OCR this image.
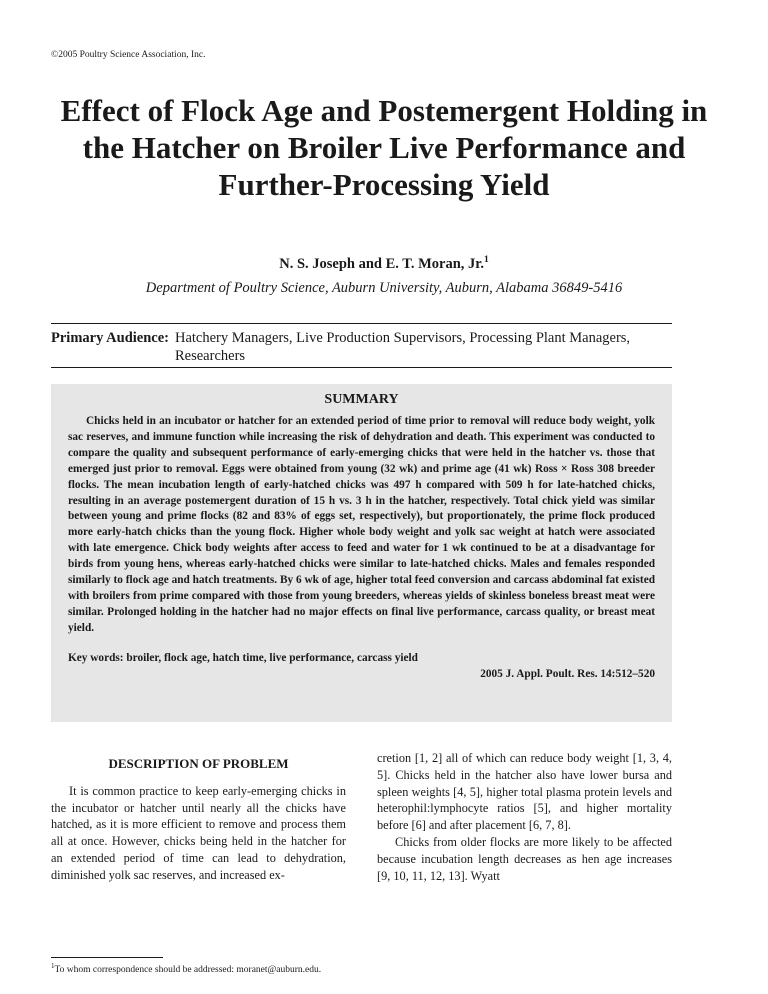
©2005 Poultry Science Association, Inc.
Effect of Flock Age and Postemergent Holding in the Hatcher on Broiler Live Performance and Further-Processing Yield
N. S. Joseph and E. T. Moran, Jr.$^1$
Department of Poultry Science, Auburn University, Auburn, Alabama 36849-5416
Primary Audience: Hatchery Managers, Live Production Supervisors, Processing Plant Managers, Researchers
SUMMARY

Chicks held in an incubator or hatcher for an extended period of time prior to removal will reduce body weight, yolk sac reserves, and immune function while increasing the risk of dehydration and death. This experiment was conducted to compare the quality and subsequent performance of early-emerging chicks that were held in the hatcher vs. those that emerged just prior to removal. Eggs were obtained from young (32 wk) and prime age (41 wk) Ross × Ross 308 breeder flocks. The mean incubation length of early-hatched chicks was 497 h compared with 509 h for late-hatched chicks, resulting in an average postemergent duration of 15 h vs. 3 h in the hatcher, respectively. Total chick yield was similar between young and prime flocks (82 and 83% of eggs set, respectively), but proportionately, the prime flock produced more early-hatch chicks than the young flock. Higher whole body weight and yolk sac weight at hatch were associated with late emergence. Chick body weights after access to feed and water for 1 wk continued to be at a disadvantage for birds from young hens, whereas early-hatched chicks were similar to late-hatched chicks. Males and females responded similarly to flock age and hatch treatments. By 6 wk of age, higher total feed conversion and carcass abdominal fat existed with broilers from prime compared with those from young breeders, whereas yields of skinless boneless breast meat were similar. Prolonged holding in the hatcher had no major effects on final live performance, carcass quality, or breast meat yield.

Key words: broiler, flock age, hatch time, live performance, carcass yield
2005 J. Appl. Poult. Res. 14:512–520
DESCRIPTION OF PROBLEM

It is common practice to keep early-emerging chicks in the incubator or hatcher until nearly all the chicks have hatched, as it is more efficient to remove and process them all at once. However, chicks being held in the hatcher for an extended period of time can lead to dehydration, diminished yolk sac reserves, and increased ex-

cretion [1, 2] all of which can reduce body weight [1, 3, 4, 5]. Chicks held in the hatcher also have lower bursa and spleen weights [4, 5], higher total plasma protein levels and heterophil:lymphocyte ratios [5], and higher mortality before [6] and after placement [6, 7, 8].

Chicks from older flocks are more likely to be affected because incubation length decreases as hen age increases [9, 10, 11, 12, 13]. Wyatt

$^1$To whom correspondence should be addressed: moranet@auburn.edu.
